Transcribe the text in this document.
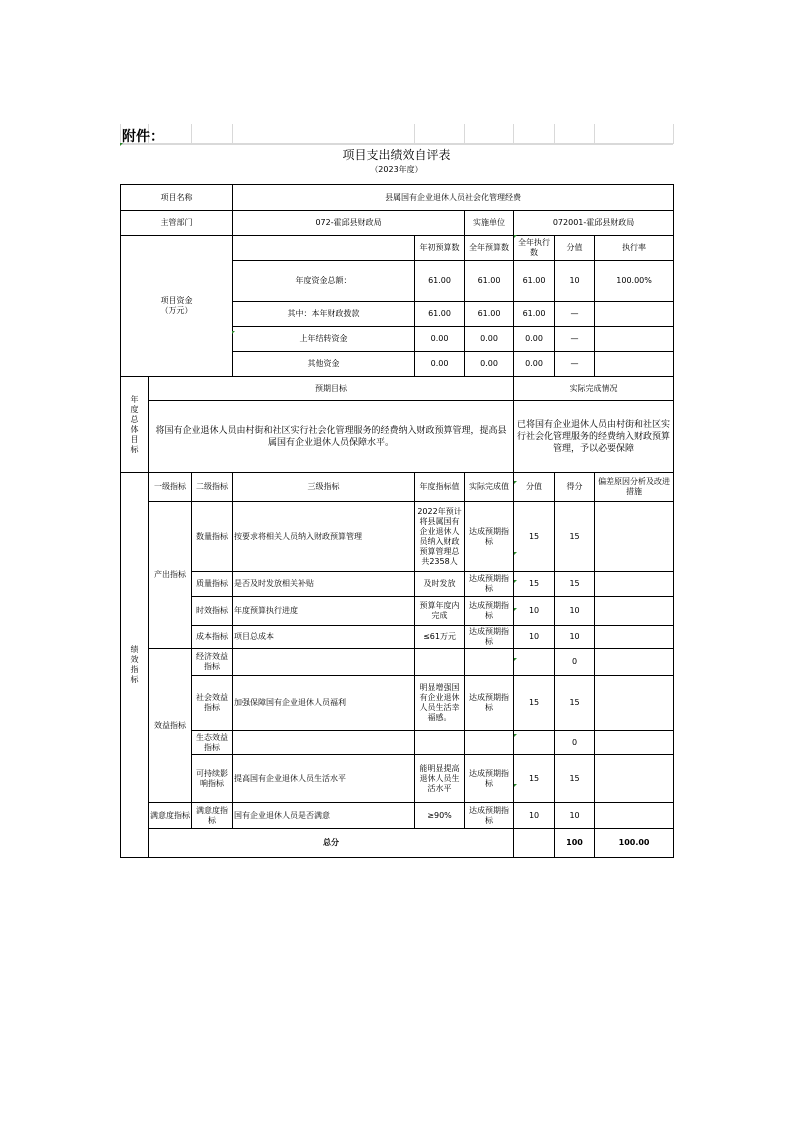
附件：
项目支出绩效自评表
（2023年度）
项目名称			县属国有企业退休人员社会化管理经费						
主管部门			072-霍邱县财政局		实施单位	072001-霍邱县财政局			
项目资金
（万元）				年初预算数	全年预算数	全年执行数	分值	执行率	
			年度资金总额：	61.00	61.00	61.00	10	100.00%	
			其中：本年财政拨款	61.00	61.00	61.00	—		
			上年结转资金	0.00	0.00	0.00	—		
			其他资金	0.00	0.00	0.00	—		

年度总体目标	预期目标					实际完成情况			
	将国有企业退休人员由村街和社区实行社会化管理服务的经费纳入财政预算管理，提高县属国有企业退休人员保障水平。					已将国有企业退休人员由村街和社区实行社会化管理服务的经费纳入财政预算管理，予以必要保障			

绩效指标	一级指标	二级指标	三级指标	年度指标值	实际完成值	分值	得分	偏差原因分析及改进措施	
	产出指标	数量指标	按要求将相关人员纳入财政预算管理	2022年预计将县属国有企业退休人员纳入财政预算管理总共2358人	达成预期指标	15	15		
		质量指标	是否及时发放相关补贴	及时发放	达成预期指标	15	15		
		时效指标	年度预算执行进度	预算年度内完成	达成预期指标	10	10		
		成本指标	项目总成本	≤61万元	达成预期指标	10	10		
	效益指标	经济效益指标					0		
		社会效益指标	加强保障国有企业退休人员福利	明显增强国有企业退休人员生活幸福感。	达成预期指标	15	15		
		生态效益指标					0		
		可持续影响指标	提高国有企业退休人员生活水平	能明显提高退休人员生活水平	达成预期指标	15	15		
	满意度指标	满意度指标	国有企业退休人员是否满意	≥90%	达成预期指标	10	10		
	总分						100	100.00	
